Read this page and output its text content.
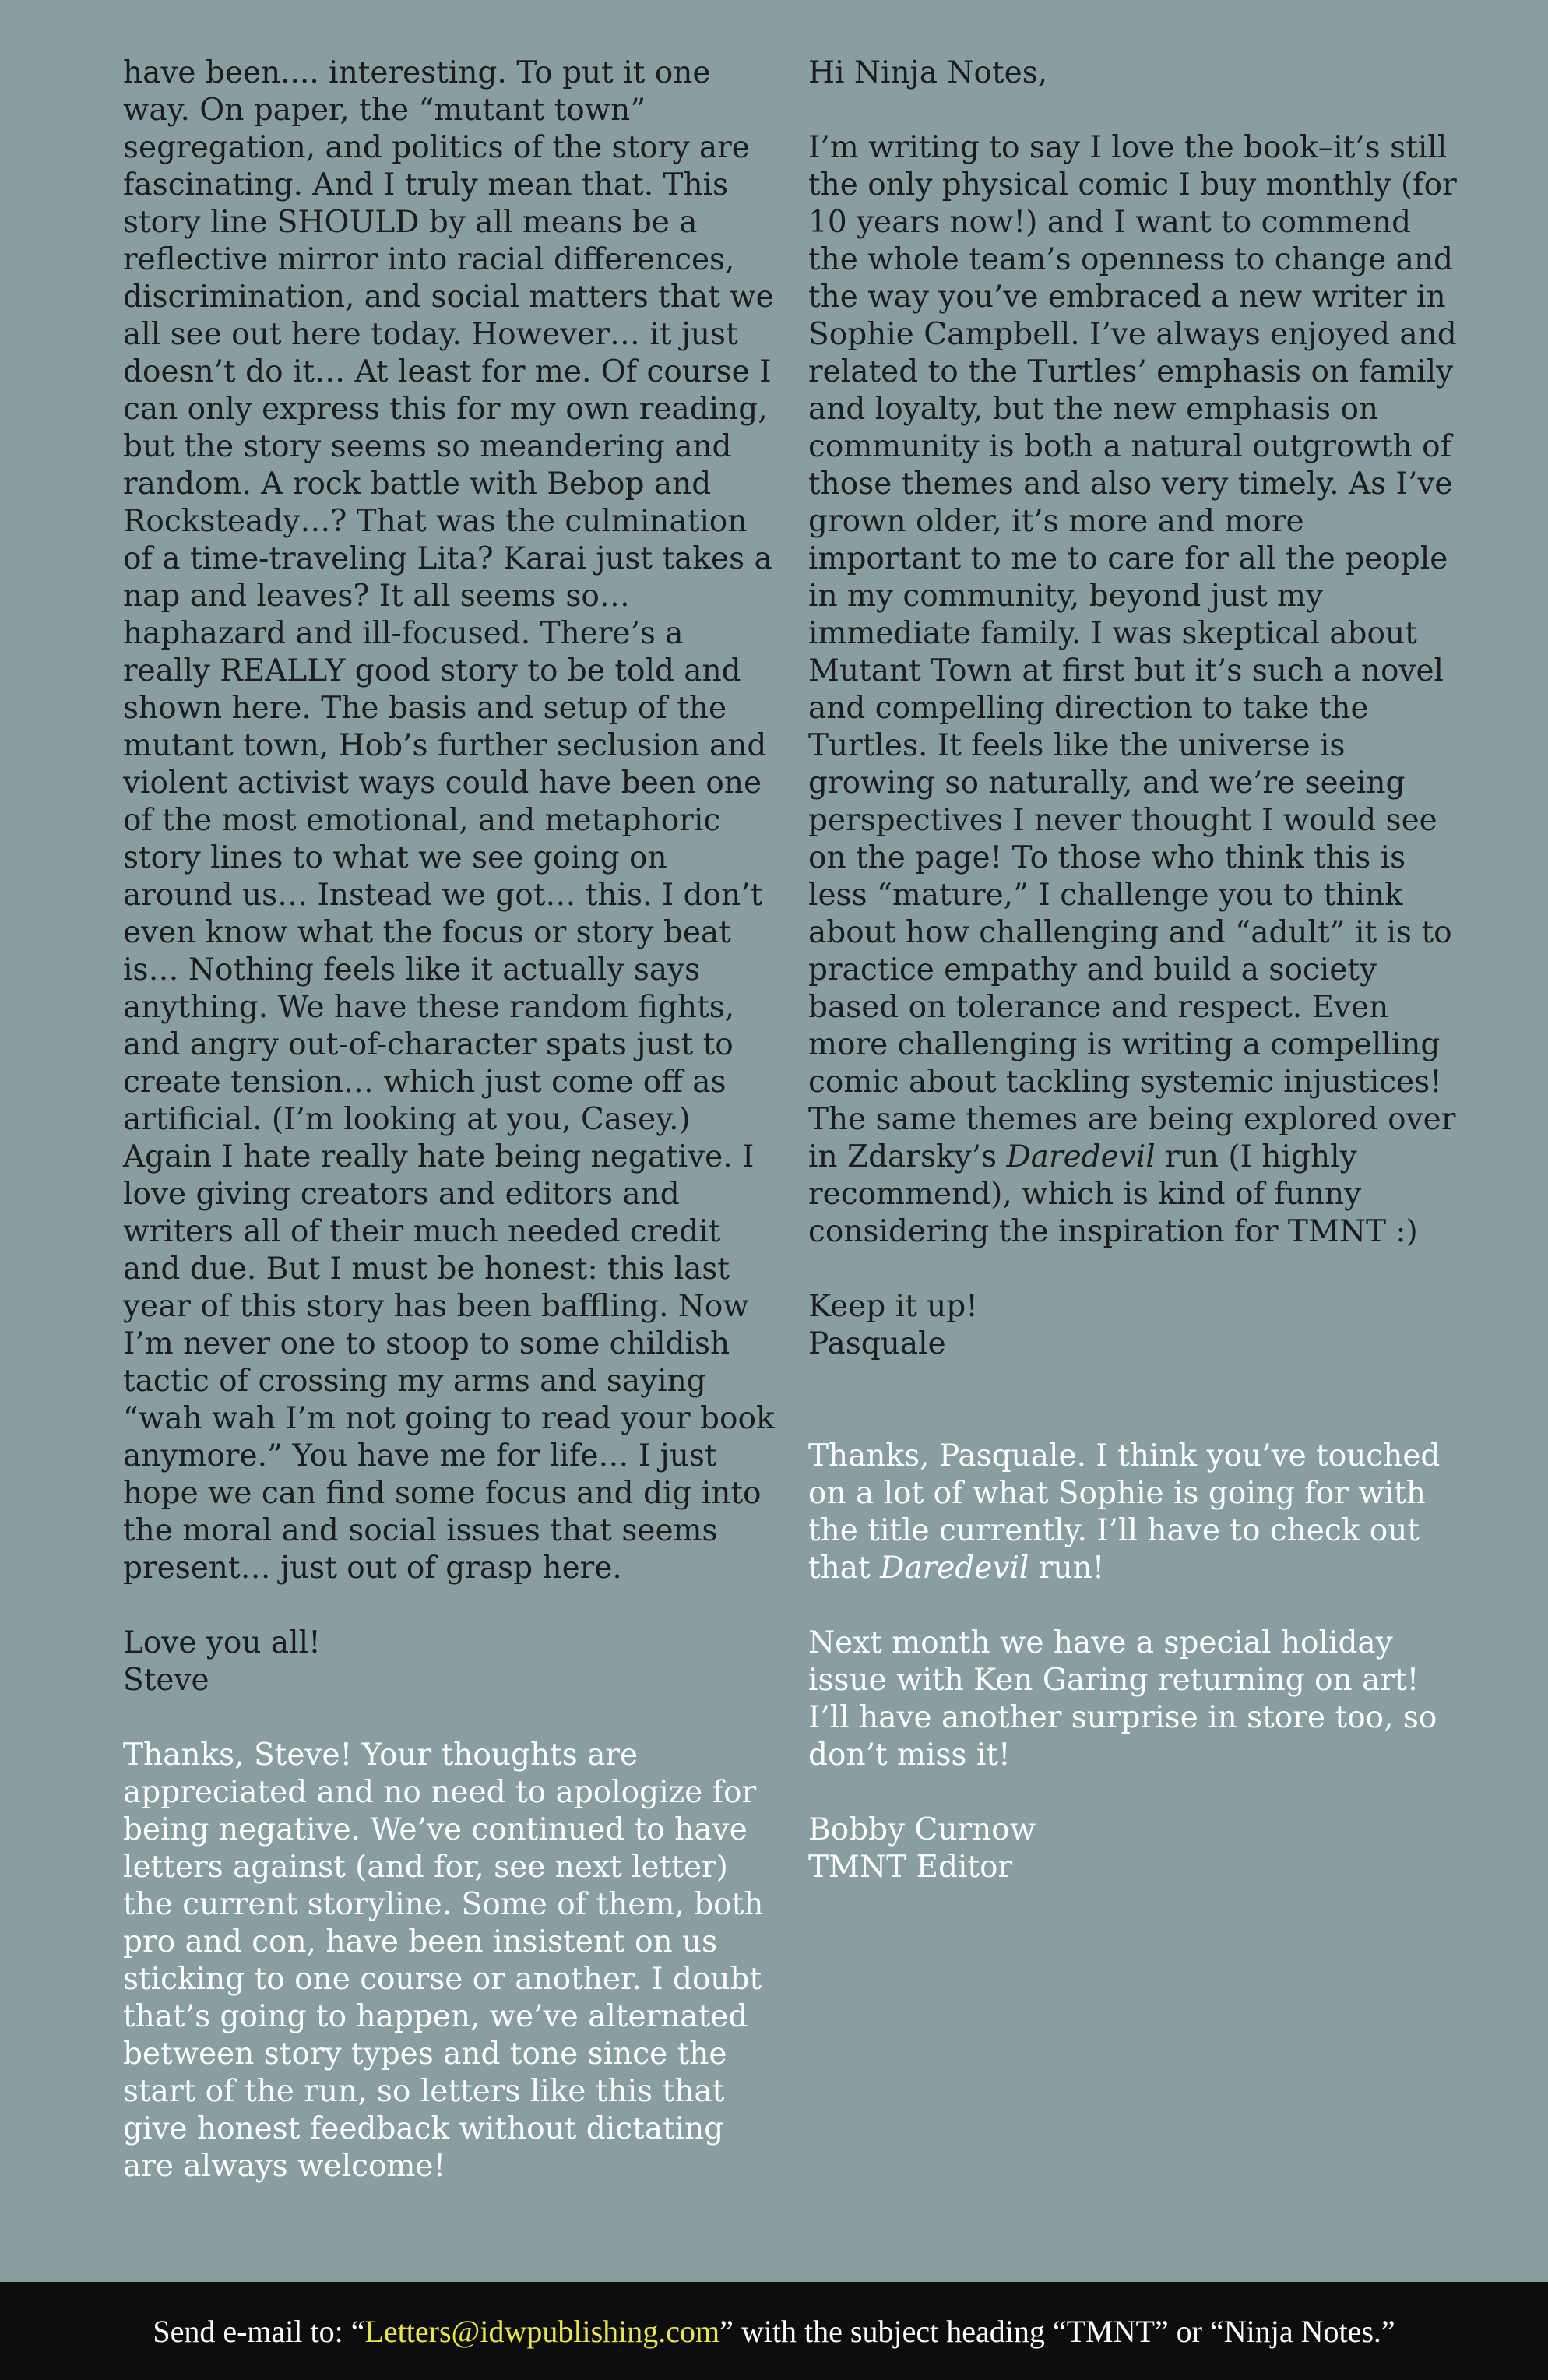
have been.... interesting. To put it one way. On paper, the “mutant town” segregation, and politics of the story are fascinating. And I truly mean that. This story line SHOULD by all means be a reflective mirror into racial differences, discrimination, and social matters that we all see out here today. However… it just doesn’t do it… At least for me. Of course I can only express this for my own reading, but the story seems so meandering and random. A rock battle with Bebop and Rocksteady…? That was the culmination of a time-traveling Lita? Karai just takes a nap and leaves? It all seems so… haphazard and ill-focused. There’s a really REALLY good story to be told and shown here. The basis and setup of the mutant town, Hob’s further seclusion and violent activist ways could have been one of the most emotional, and metaphoric story lines to what we see going on around us… Instead we got… this. I don’t even know what the focus or story beat is… Nothing feels like it actually says anything. We have these random fights, and angry out-of-character spats just to create tension… which just come off as artificial. (I’m looking at you, Casey.) Again I hate really hate being negative. I love giving creators and editors and writers all of their much needed credit and due. But I must be honest: this last year of this story has been baffling. Now I’m never one to stoop to some childish tactic of crossing my arms and saying “wah wah I’m not going to read your book anymore.” You have me for life… I just hope we can find some focus and dig into the moral and social issues that seems present… just out of grasp here.

Love you all!
Steve

Thanks, Steve! Your thoughts are appreciated and no need to apologize for being negative. We’ve continued to have letters against (and for, see next letter) the current storyline. Some of them, both pro and con, have been insistent on us sticking to one course or another. I doubt that’s going to happen, we’ve alternated between story types and tone since the start of the run, so letters like this that give honest feedback without dictating are always welcome!

Hi Ninja Notes,

I’m writing to say I love the book–it’s still the only physical comic I buy monthly (for 10 years now!) and I want to commend the whole team’s openness to change and the way you’ve embraced a new writer in Sophie Campbell. I’ve always enjoyed and related to the Turtles’ emphasis on family and loyalty, but the new emphasis on community is both a natural outgrowth of those themes and also very timely. As I’ve grown older, it’s more and more important to me to care for all the people in my community, beyond just my immediate family. I was skeptical about Mutant Town at first but it’s such a novel and compelling direction to take the Turtles. It feels like the universe is growing so naturally, and we’re seeing perspectives I never thought I would see on the page! To those who think this is less “mature,” I challenge you to think about how challenging and “adult” it is to practice empathy and build a society based on tolerance and respect. Even more challenging is writing a compelling comic about tackling systemic injustices! The same themes are being explored over in Zdarsky’s Daredevil run (I highly recommend), which is kind of funny considering the inspiration for TMNT :)

Keep it up!
Pasquale

Thanks, Pasquale. I think you’ve touched on a lot of what Sophie is going for with the title currently. I’ll have to check out that Daredevil run!

Next month we have a special holiday issue with Ken Garing returning on art! I’ll have another surprise in store too, so don’t miss it!

Bobby Curnow
TMNT Editor

Send e-mail to: “ Letters@idwpublishing.com ” with the subject heading “TMNT” or “Ninja Notes.”
